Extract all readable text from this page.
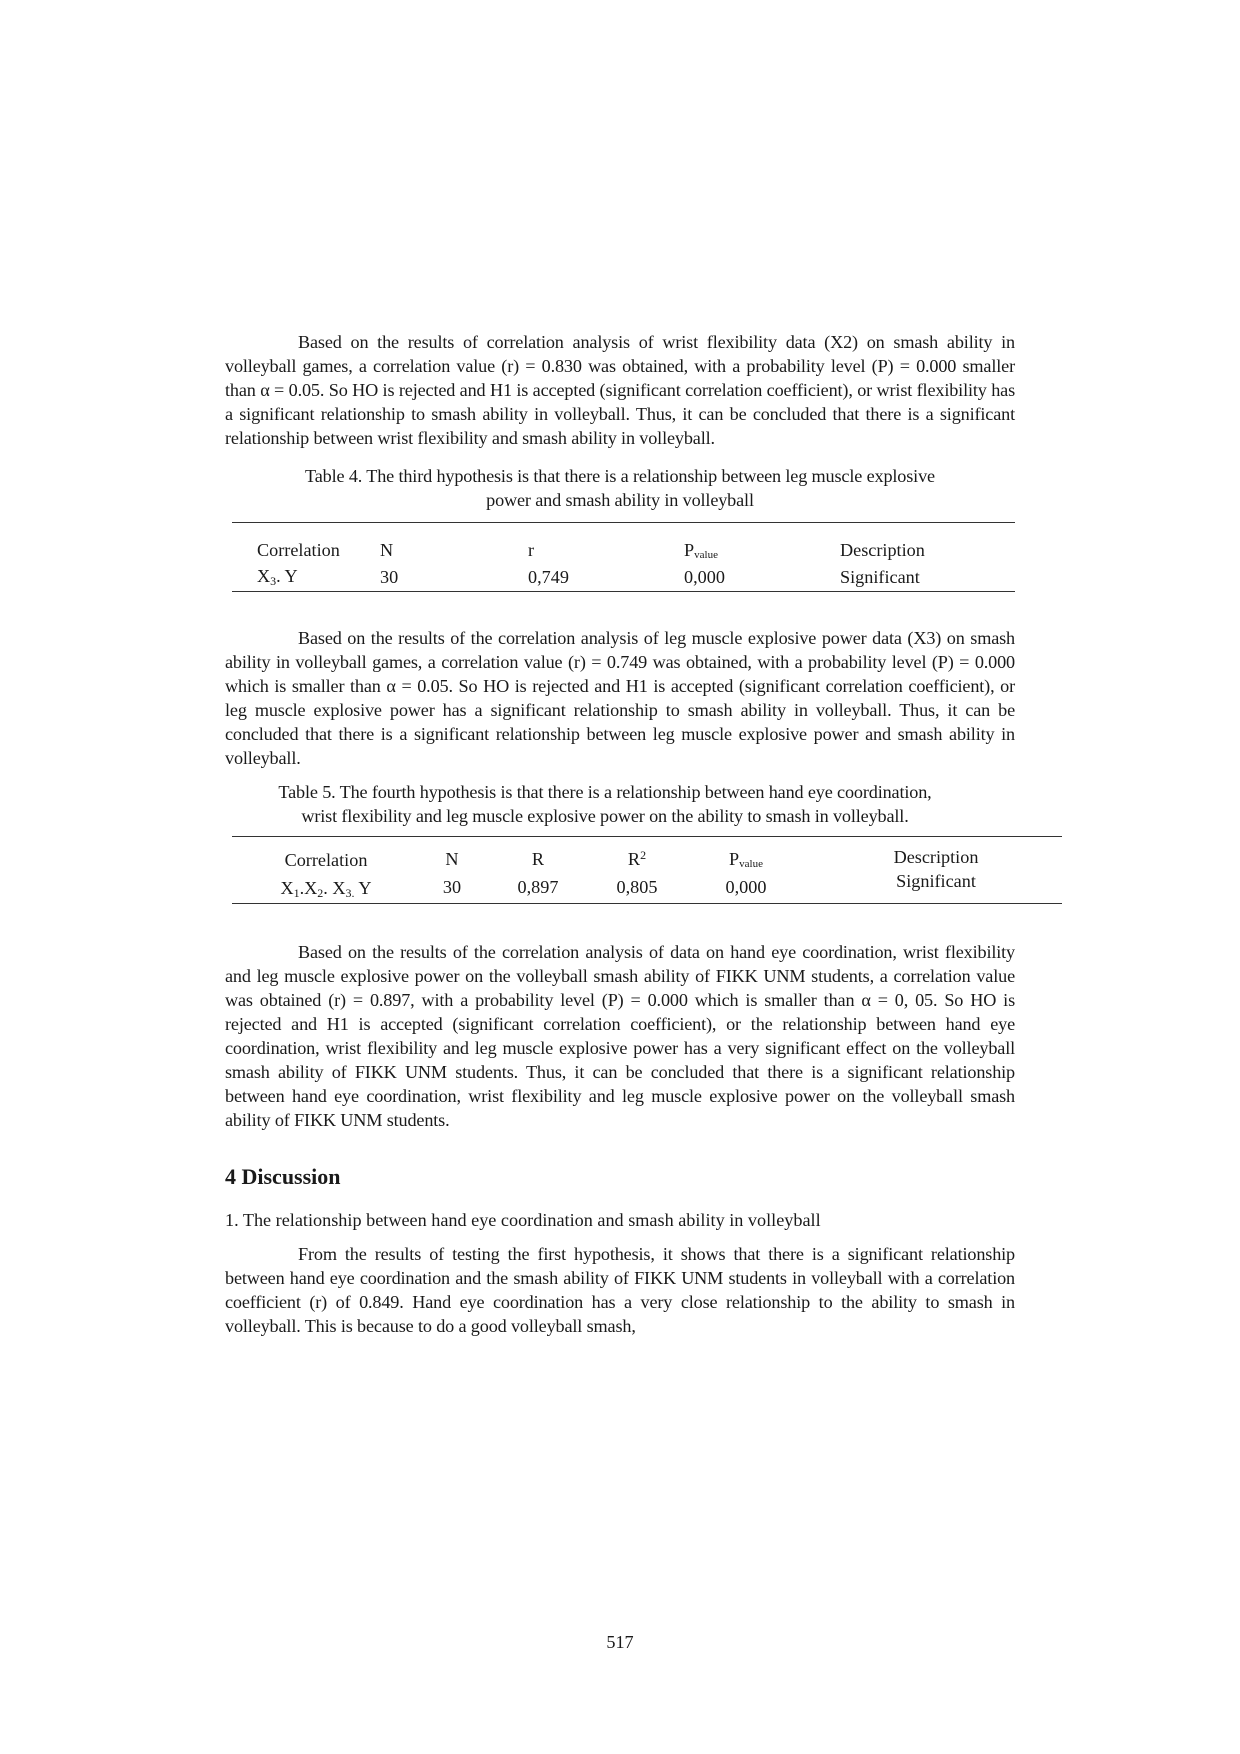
Based on the results of correlation analysis of wrist flexibility data (X2) on smash ability in volleyball games, a correlation value (r) = 0.830 was obtained, with a probability level (P) = 0.000 smaller than α = 0.05. So HO is rejected and H1 is accepted (significant correlation coefficient), or wrist flexibility has a significant relationship to smash ability in volleyball. Thus, it can be concluded that there is a significant relationship between wrist flexibility and smash ability in volleyball.

Table 4. The third hypothesis is that there is a relationship between leg muscle explosive

power and smash ability in volleyball

Correlation	N	r	$P_{value}$	Description
$X_3$. Y	30	0,749	0,000	Significant

Based on the results of the correlation analysis of leg muscle explosive power data (X3) on smash ability in volleyball games, a correlation value (r) = 0.749 was obtained, with a probability level (P) = 0.000 which is smaller than α = 0.05. So HO is rejected and H1 is accepted (significant correlation coefficient), or leg muscle explosive power has a significant relationship to smash ability in volleyball. Thus, it can be concluded that there is a significant relationship between leg muscle explosive power and smash ability in volleyball.

Table 5. The fourth hypothesis is that there is a relationship between hand eye coordination,

wrist flexibility and leg muscle explosive power on the ability to smash in volleyball.

Correlation	N	R	$R^2$	$P_{value}$	Description
$X_1.X_2$. $X_{3.}$ Y	30	0,897	0,805	0,000	Significant

Based on the results of the correlation analysis of data on hand eye coordination, wrist flexibility and leg muscle explosive power on the volleyball smash ability of FIKK UNM students, a correlation value was obtained (r) = 0.897, with a probability level (P) = 0.000 which is smaller than α = 0, 05. So HO is rejected and H1 is accepted (significant correlation coefficient), or the relationship between hand eye coordination, wrist flexibility and leg muscle explosive power has a very significant effect on the volleyball smash ability of FIKK UNM students. Thus, it can be concluded that there is a significant relationship between hand eye coordination, wrist flexibility and leg muscle explosive power on the volleyball smash ability of FIKK UNM students.

4 Discussion

1. The relationship between hand eye coordination and smash ability in volleyball

From the results of testing the first hypothesis, it shows that there is a significant relationship between hand eye coordination and the smash ability of FIKK UNM students in volleyball with a correlation coefficient (r) of 0.849. Hand eye coordination has a very close relationship to the ability to smash in volleyball. This is because to do a good volleyball smash,

517
